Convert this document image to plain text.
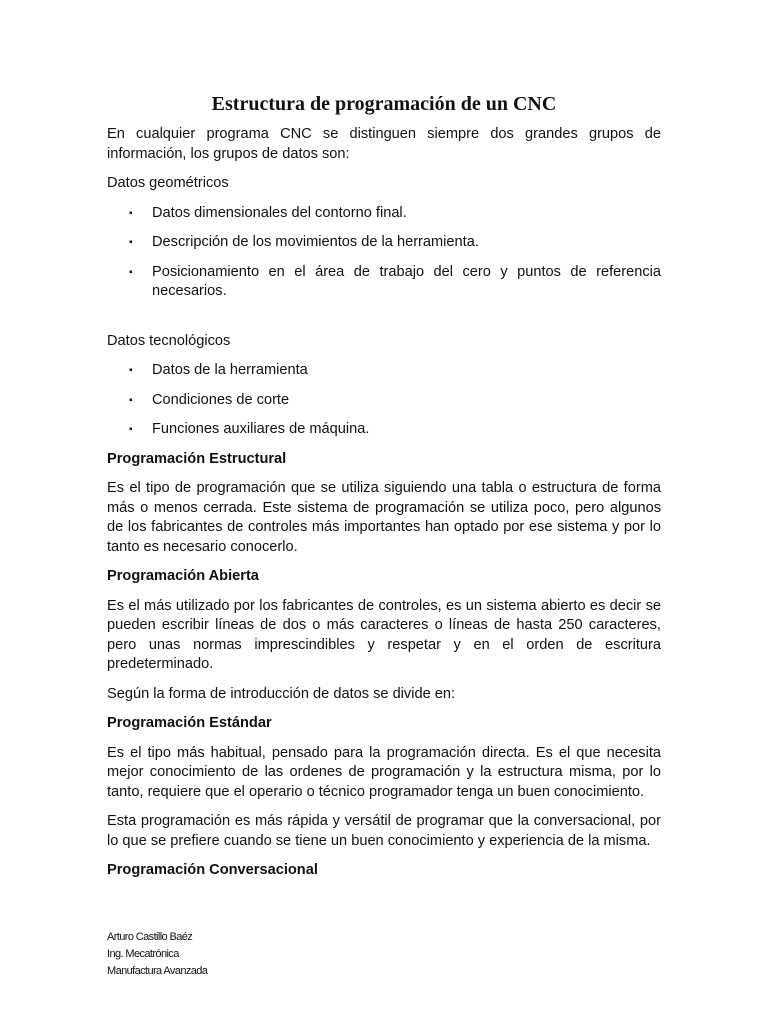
Estructura de programación de un CNC

En cualquier programa CNC se distinguen siempre dos grandes grupos de información, los grupos de datos son:

Datos geométricos
▪ Datos dimensionales del contorno final.
▪ Descripción de los movimientos de la herramienta.
▪ Posicionamiento en el área de trabajo del cero y puntos de referencia necesarios.
Datos tecnológicos
▪ Datos de la herramienta
▪ Condiciones de corte
▪ Funciones auxiliares de máquina.
Programación Estructural

Es el tipo de programación que se utiliza siguiendo una tabla o estructura de forma más o menos cerrada. Este sistema de programación se utiliza poco, pero algunos de los fabricantes de controles más importantes han optado por ese sistema y por lo tanto es necesario conocerlo.

Programación Abierta

Es el más utilizado por los fabricantes de controles, es un sistema abierto es decir se pueden escribir líneas de dos o más caracteres o líneas de hasta 250 caracteres, pero unas normas imprescindibles y respetar y en el orden de escritura predeterminado.

Según la forma de introducción de datos se divide en:

Programación Estándar

Es el tipo más habitual, pensado para la programación directa. Es el que necesita mejor conocimiento de las ordenes de programación y la estructura misma, por lo tanto, requiere que el operario o técnico programador tenga un buen conocimiento.

Esta programación es más rápida y versátil de programar que la conversacional, por lo que se prefiere cuando se tiene un buen conocimiento y experiencia de la misma.

Programación Conversacional
Arturo Castillo Baéz
Ing. Mecatrónica
Manufactura Avanzada
